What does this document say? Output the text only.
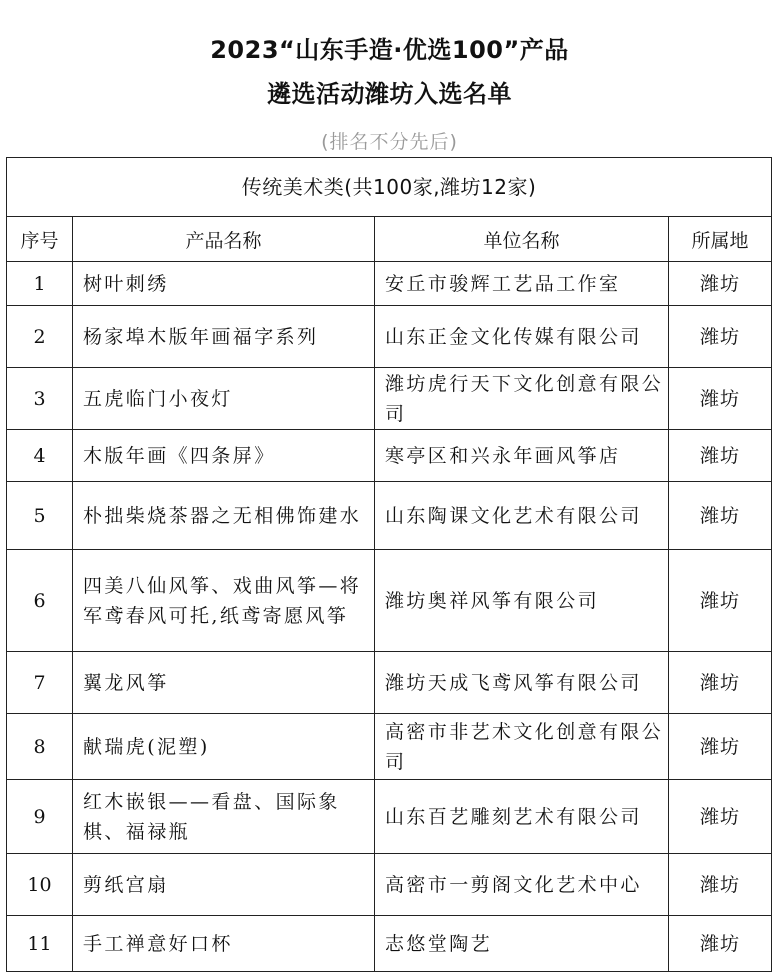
2023“山东手造·优选100”产品
遴选活动潍坊入选名单
(排名不分先后)
传统美术类(共100家,潍坊12家)			
序号	产品名称	单位名称	所属地
1	树叶刺绣	安丘市骏辉工艺品工作室	潍坊
2	杨家埠木版年画福字系列	山东正金文化传媒有限公司	潍坊
3	五虎临门小夜灯	潍坊虎行天下文化创意有限公司	潍坊
4	木版年画《四条屏》	寒亭区和兴永年画风筝店	潍坊
5	朴拙柴烧茶器之无相佛饰建水	山东陶课文化艺术有限公司	潍坊
6	四美八仙风筝、戏曲风筝—将军鸢春风可托,纸鸢寄愿风筝	潍坊奥祥风筝有限公司	潍坊
7	翼龙风筝	潍坊天成飞鸢风筝有限公司	潍坊
8	献瑞虎(泥塑)	高密市非艺术文化创意有限公司	潍坊
9	红木嵌银——看盘、国际象棋、福禄瓶	山东百艺雕刻艺术有限公司	潍坊
10	剪纸宫扇	高密市一剪阁文化艺术中心	潍坊
11	手工禅意好口杯	志悠堂陶艺	潍坊
